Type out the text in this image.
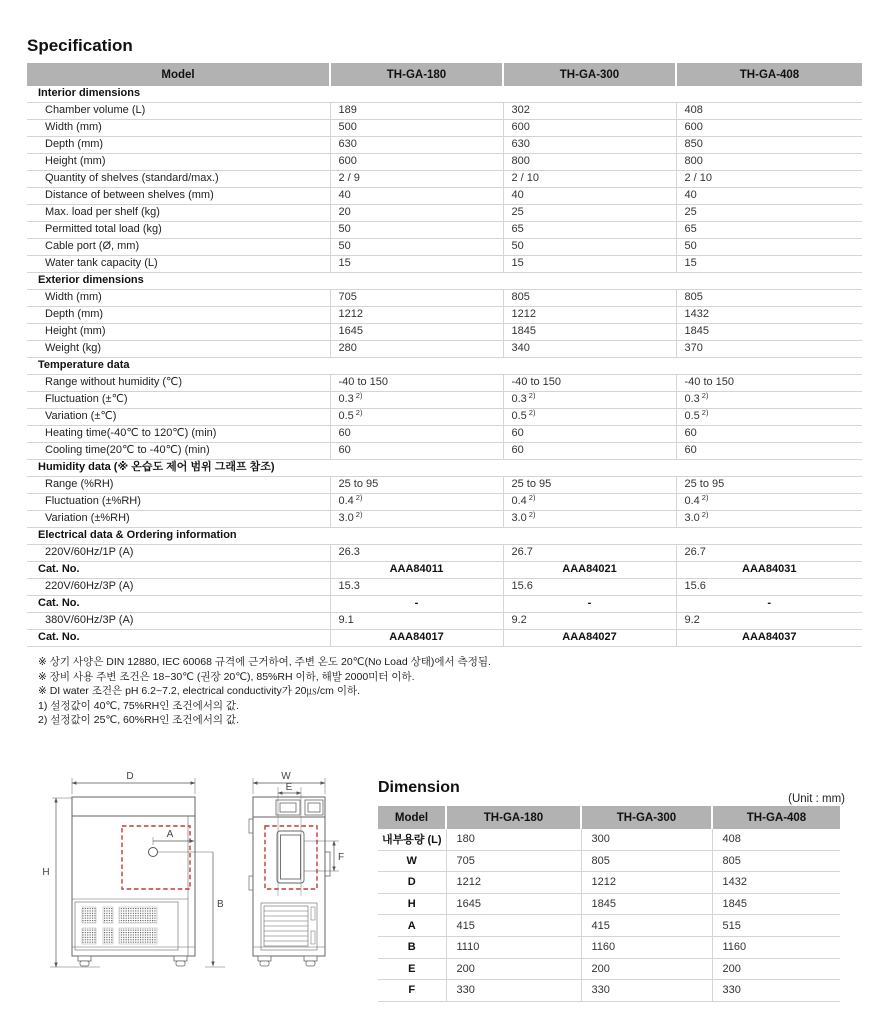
Specification
Model	TH-GA-180	TH-GA-300	TH-GA-408
Interior dimensions			
Chamber volume (L)	189	302	408
Width (mm)	500	600	600
Depth (mm)	630	630	850
Height (mm)	600	800	800
Quantity of shelves (standard/max.)	2 / 9	2 / 10	2 / 10
Distance of between shelves (mm)	40	40	40
Max. load per shelf (kg)	20	25	25
Permitted total load (kg)	50	65	65
Cable port (Ø, mm)	50	50	50
Water tank capacity (L)	15	15	15
Exterior dimensions			
Width (mm)	705	805	805
Depth (mm)	1212	1212	1432
Height (mm)	1645	1845	1845
Weight (kg)	280	340	370
Temperature data			
Range without humidity (℃)	-40 to 150	-40 to 150	-40 to 150
Fluctuation (±℃)	0.3 $^{2)}$	0.3 $^{2)}$	0.3 $^{2)}$
Variation (±℃)	0.5 $^{2)}$	0.5 $^{2)}$	0.5 $^{2)}$
Heating time(-40℃ to 120℃) (min)	60	60	60
Cooling time(20℃ to -40℃) (min)	60	60	60
Humidity data (※ 온습도 제어 범위 그래프 참조)			
Range (%RH)	25 to 95	25 to 95	25 to 95
Fluctuation (±%RH)	0.4 $^{2)}$	0.4 $^{2)}$	0.4 $^{2)}$
Variation (±%RH)	3.0 $^{2)}$	3.0 $^{2)}$	3.0 $^{2)}$
Electrical data & Ordering information			
220V/60Hz/1P (A)	26.3	26.7	26.7
Cat. No.	AAA84011	AAA84021	AAA84031
220V/60Hz/3P (A)	15.3	15.6	15.6
Cat. No.	-	-	-
380V/60Hz/3P (A)	9.1	9.2	9.2
Cat. No.	AAA84017	AAA84027	AAA84037
※ 상기 사양은 DIN 12880, IEC 60068 규격에 근거하여, 주변 온도 20℃(No Load 상태)에서 측정됨.
※ 장비 사용 주변 조건은 18~30℃ (권장 20℃), 85%RH 이하, 해발 2000미터 이하.
※ DI water 조건은 pH 6.2~7.2, electrical conductivity가 20㎲/cm 이하.
1) 설정값이 40℃, 75%RH인 조건에서의 값.
2) 설정값이 25℃, 60%RH인 조건에서의 값.
D
H
A
B
W
E
F
Dimension
(Unit : mm)
Model	TH-GA-180	TH-GA-300	TH-GA-408
내부용량 (L)	180	300	408
W	705	805	805
D	1212	1212	1432
H	1645	1845	1845
A	415	415	515
B	1110	1160	1160
E	200	200	200
F	330	330	330
